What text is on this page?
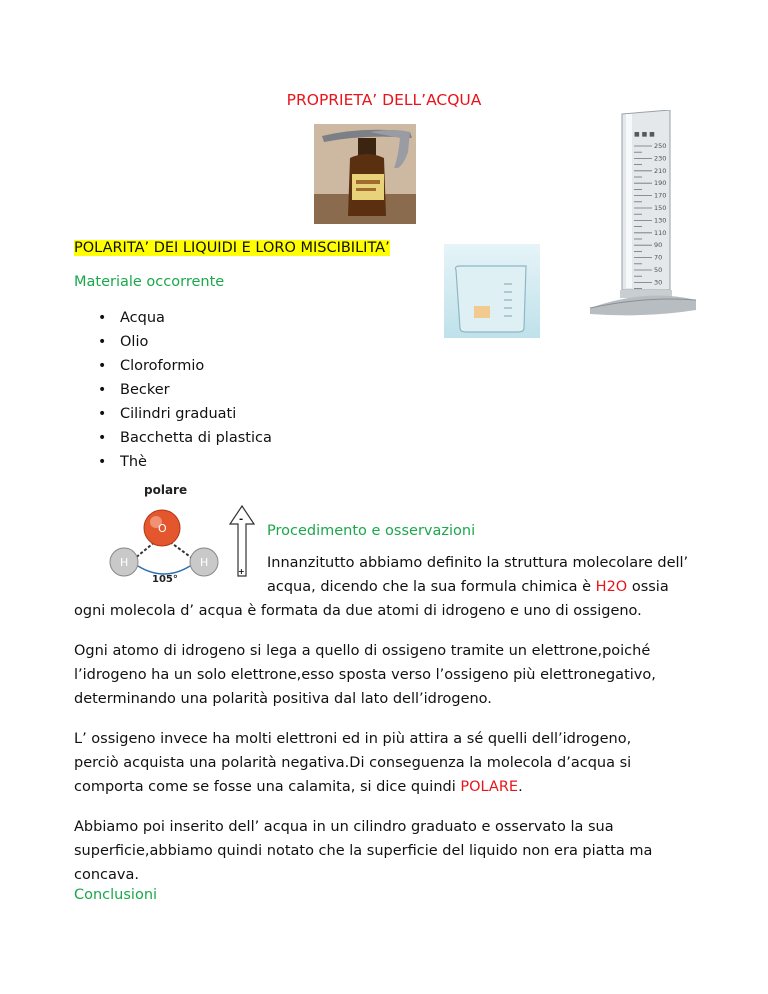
PROPRIETA’ DELL’ACQUA
■ ■ ■
250
230
210
190
170
150
130
110
90
70
50
30
POLARITA’ DEI LIQUIDI E LORO MISCIBILITA’
Materiale occorrente
• Acqua
• Olio
• Cloroformio
• Becker
• Cilindri graduati
• Bacchetta di plastica
• Thè
polare
O
H	H
105°
-
+
Procedimento e osservazioni
Innanzitutto abbiamo definito la struttura molecolare dell’
acqua, dicendo che la sua formula chimica è H2O ossia
ogni molecola d’ acqua è formata da due atomi di idrogeno e uno di ossigeno.
Ogni atomo di idrogeno si lega a quello di ossigeno tramite un elettrone,poiché
l’idrogeno ha un solo elettrone,esso sposta verso l’ossigeno più elettronegativo,
determinando una polarità positiva dal lato dell’idrogeno.
L’ ossigeno invece ha molti elettroni ed in più attira a sé quelli dell’idrogeno,
perciò acquista una polarità negativa.Di conseguenza la molecola d’acqua si
comporta come se fosse una calamita, si dice quindi POLARE.
Abbiamo poi inserito dell’ acqua in un cilindro graduato e osservato la sua
superficie,abbiamo quindi notato che la superficie del liquido non era piatta ma
concava.
Conclusioni
